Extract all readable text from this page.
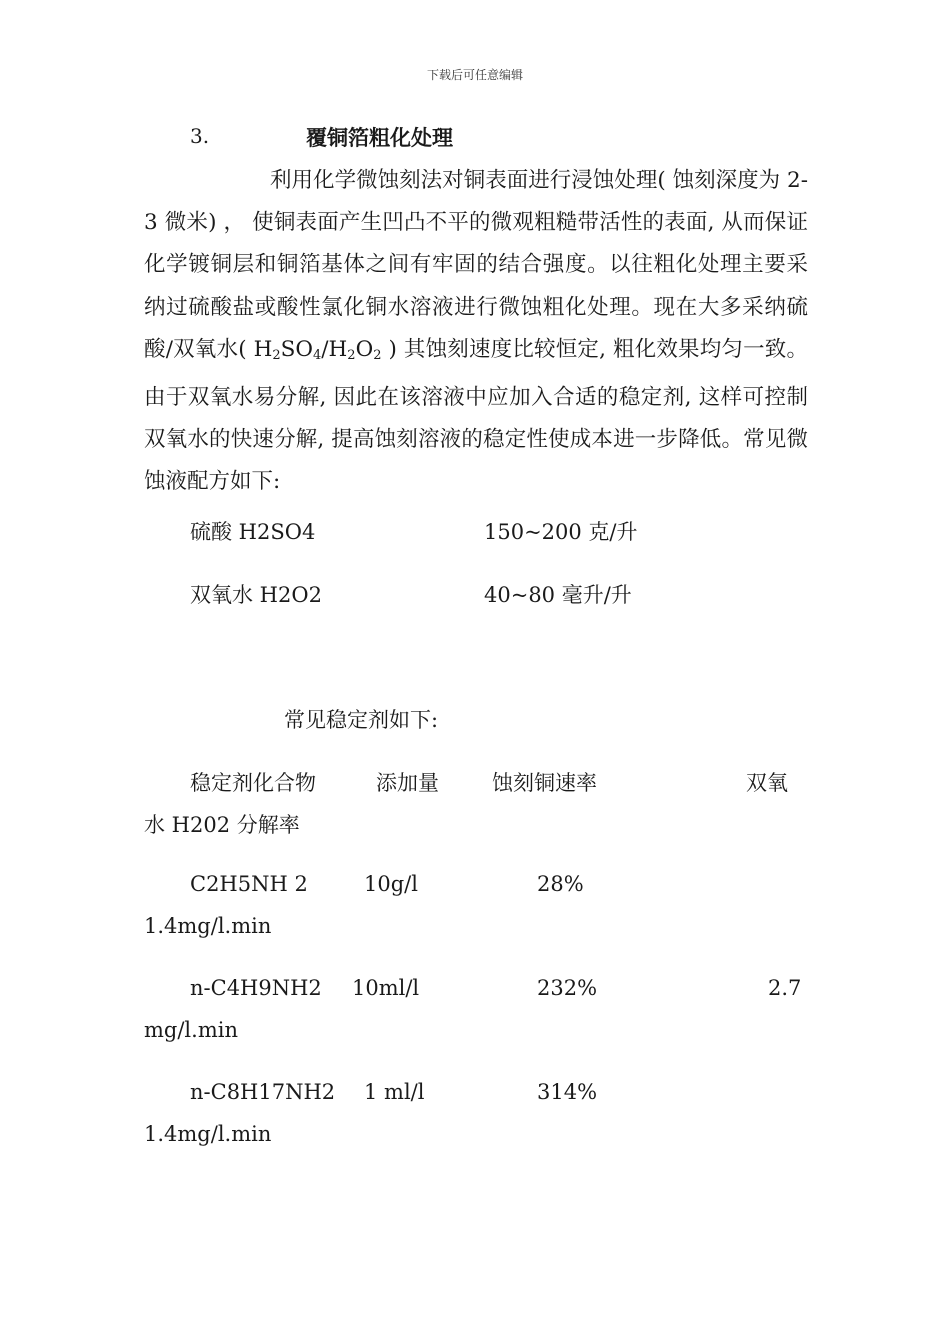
下载后可任意编辑
3.	覆铜箔粗化处理
利用化学微蚀刻法对铜表面进行浸蚀处理( 蚀刻深度为 2-3 微米) ， 使铜表面产生凹凸不平的微观粗糙带活性的表面, 从而保证化学镀铜层和铜箔基体之间有牢固的结合强度。以往粗化处理主要采纳过硫酸盐或酸性氯化铜水溶液进行微蚀粗化处理。现在大多采纳硫酸/双氧水( $H_2SO_4/H_2O_2$ ) 其蚀刻速度比较恒定, 粗化效果均匀一致。由于双氧水易分解, 因此在该溶液中应加入合适的稳定剂, 这样可控制双氧水的快速分解, 提高蚀刻溶液的稳定性使成本进一步降低。常见微蚀液配方如下:
硫酸 H2SO4	150~200 克/升
双氧水 H2O2	40~80 毫升/升
常见稳定剂如下:
稳定剂化合物	添加量	蚀刻铜速率	双氧
水 H202 分解率
C2H5NH 2	10g/l	28%
1.4mg/l.min
n-C4H9NH2 10ml/l	232%	2.7
mg/l.min
n-C8H17NH2 1 ml/l	314%
1.4mg/l.min
